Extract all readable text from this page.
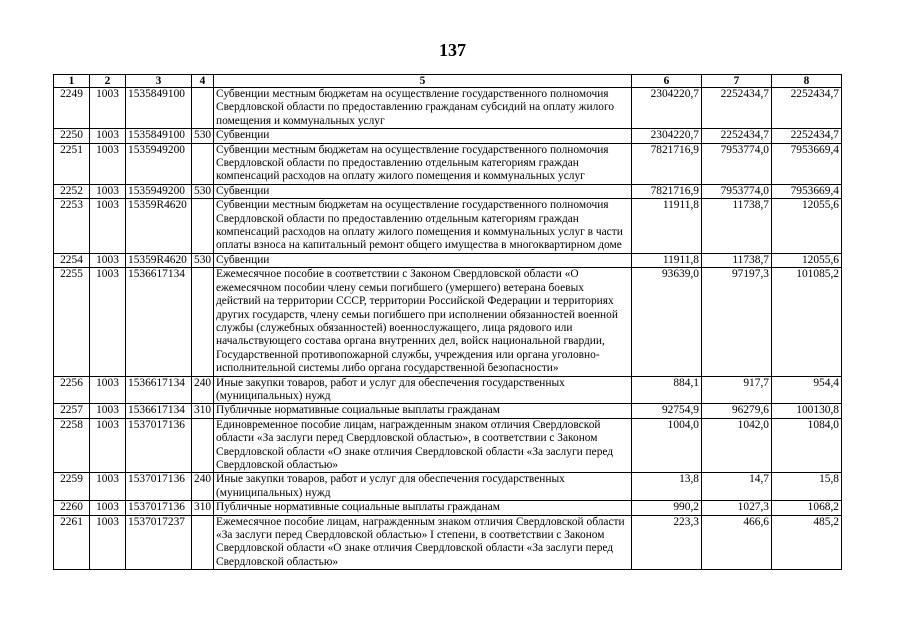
137
1	2	3	4	5	6	7	8
2249	1003	1535849100		Субвенции местным бюджетам на осуществление государственного полномочия Свердловской области по предоставлению гражданам субсидий на оплату жилого помещения и коммунальных услуг	2304220,7	2252434,7	2252434,7
2250	1003	1535849100	530	Субвенции	2304220,7	2252434,7	2252434,7
2251	1003	1535949200		Субвенции местным бюджетам на осуществление государственного полномочия Свердловской области по предоставлению отдельным категориям граждан компенсаций расходов на оплату жилого помещения и коммунальных услуг	7821716,9	7953774,0	7953669,4
2252	1003	1535949200	530	Субвенции	7821716,9	7953774,0	7953669,4
2253	1003	15359R4620		Субвенции местным бюджетам на осуществление государственного полномочия Свердловской области по предоставлению отдельным категориям граждан компенсаций расходов на оплату жилого помещения и коммунальных услуг в части оплаты взноса на капитальный ремонт общего имущества в многоквартирном доме	11911,8	11738,7	12055,6
2254	1003	15359R4620	530	Субвенции	11911,8	11738,7	12055,6
2255	1003	1536617134		Ежемесячное пособие в соответствии с Законом Свердловской области «О ежемесячном пособии члену семьи погибшего (умершего) ветерана боевых действий на территории СССР, территории Российской Федерации и территориях других государств, члену семьи погибшего при исполнении обязанностей военной службы (служебных обязанностей) военнослужащего, лица рядового или начальствующего состава органа внутренних дел, войск национальной гвардии, Государственной противопожарной службы, учреждения или органа уголовно-исполнительной системы либо органа государственной безопасности»	93639,0	97197,3	101085,2
2256	1003	1536617134	240	Иные закупки товаров, работ и услуг для обеспечения государственных (муниципальных) нужд	884,1	917,7	954,4
2257	1003	1536617134	310	Публичные нормативные социальные выплаты гражданам	92754,9	96279,6	100130,8
2258	1003	1537017136		Единовременное пособие лицам, награжденным знаком отличия Свердловской области «За заслуги перед Свердловской областью», в соответствии с Законом Свердловской области «О знаке отличия Свердловской области «За заслуги перед Свердловской областью»	1004,0	1042,0	1084,0
2259	1003	1537017136	240	Иные закупки товаров, работ и услуг для обеспечения государственных (муниципальных) нужд	13,8	14,7	15,8
2260	1003	1537017136	310	Публичные нормативные социальные выплаты гражданам	990,2	1027,3	1068,2
2261	1003	1537017237		Ежемесячное пособие лицам, награжденным знаком отличия Свердловской области «За заслуги перед Свердловской областью» I степени, в соответствии с Законом Свердловской области «О знаке отличия Свердловской области «За заслуги перед Свердловской областью»	223,3	466,6	485,2
